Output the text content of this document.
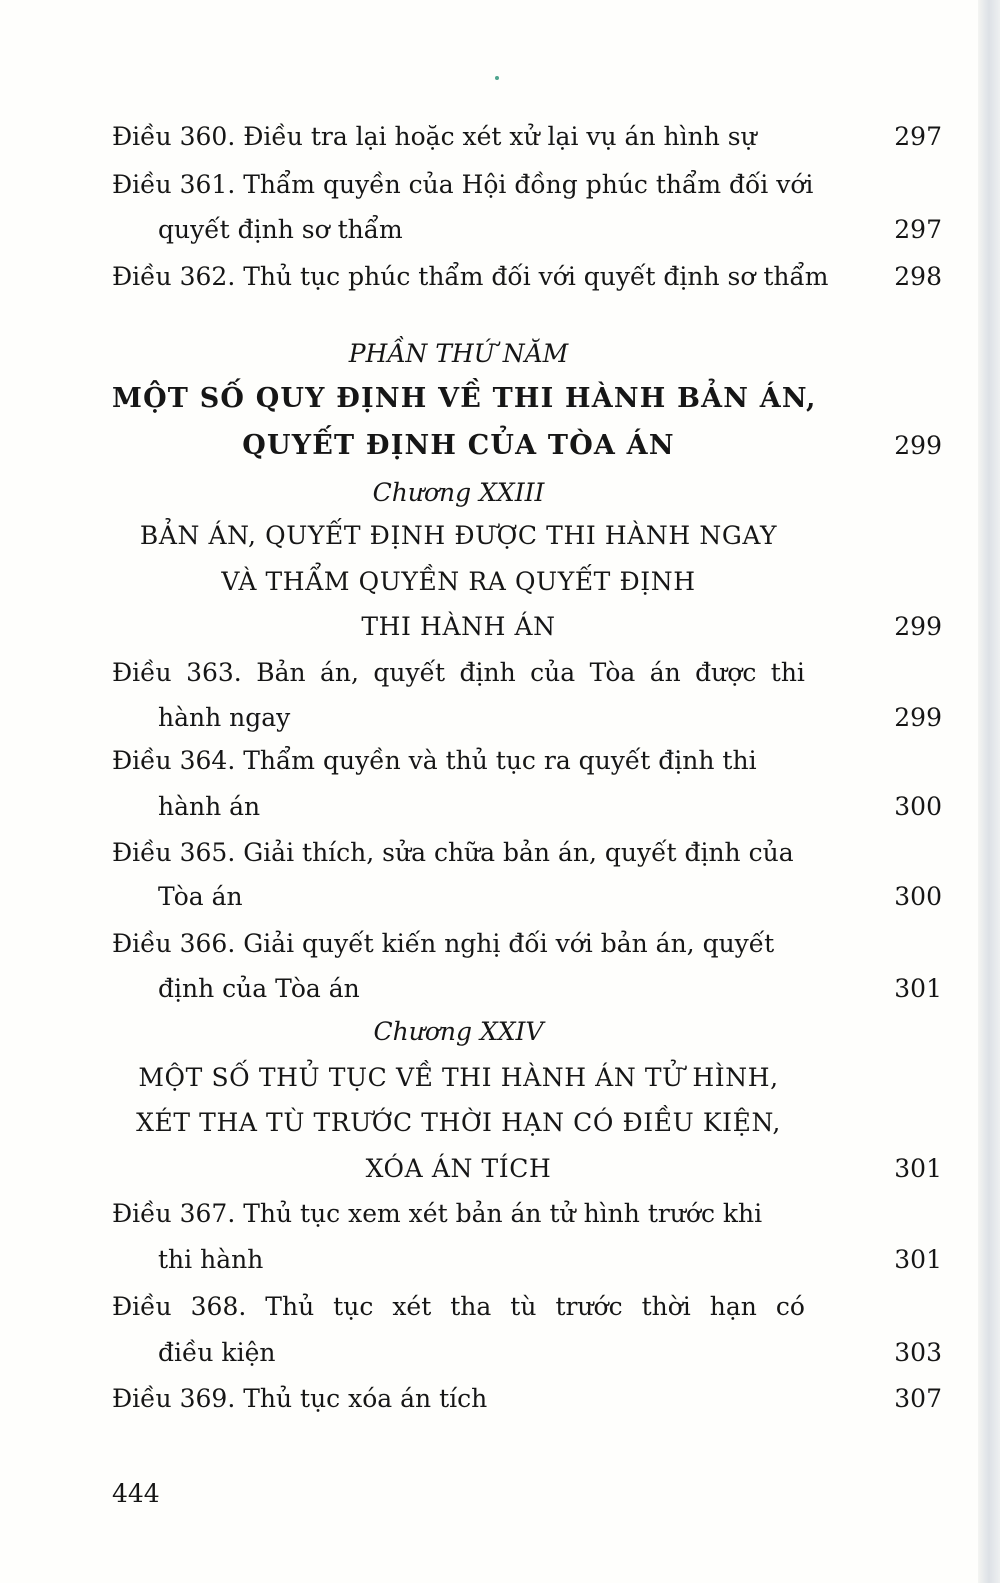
Điều 360. Điều tra lại hoặc xét xử lại vụ án hình sự	297
Điều 361. Thẩm quyền của Hội đồng phúc thẩm đối với
quyết định sơ thẩm	297
Điều 362. Thủ tục phúc thẩm đối với quyết định sơ thẩm	298
PHẦN THỨ NĂM
MỘT SỐ QUY ĐỊNH VỀ THI HÀNH BẢN ÁN,
QUYẾT ĐỊNH CỦA TÒA ÁN	299
Chương XXIII
BẢN ÁN, QUYẾT ĐỊNH ĐƯỢC THI HÀNH NGAY
VÀ THẨM QUYỀN RA QUYẾT ĐỊNH
THI HÀNH ÁN	299
Điều 363. Bản án, quyết định của Tòa án được thi
hành ngay	299
Điều 364. Thẩm quyền và thủ tục ra quyết định thi
hành án	300
Điều 365. Giải thích, sửa chữa bản án, quyết định của
Tòa án	300
Điều 366. Giải quyết kiến nghị đối với bản án, quyết
định của Tòa án	301
Chương XXIV
MỘT SỐ THỦ TỤC VỀ THI HÀNH ÁN TỬ HÌNH,
XÉT THA TÙ TRƯỚC THỜI HẠN CÓ ĐIỀU KIỆN,
XÓA ÁN TÍCH	301
Điều 367. Thủ tục xem xét bản án tử hình trước khi
thi hành	301
Điều 368. Thủ tục xét tha tù trước thời hạn có
điều kiện	303
Điều 369. Thủ tục xóa án tích	307
444
